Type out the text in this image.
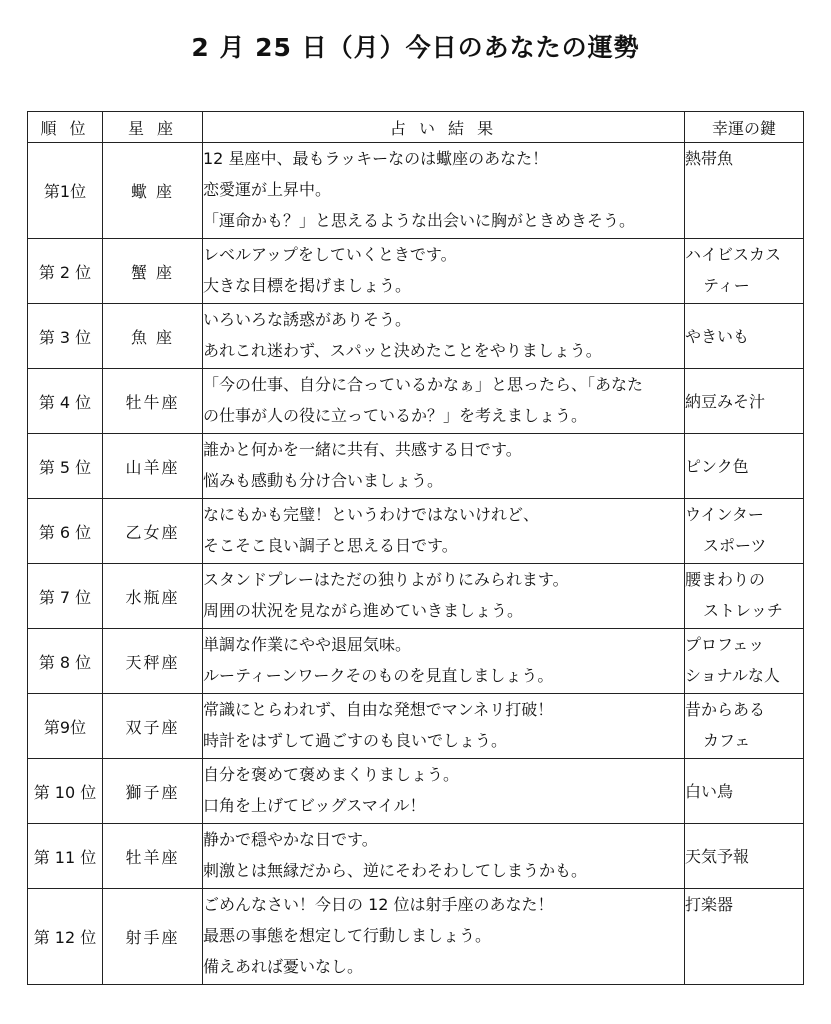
2 月 25 日（月）今日のあなたの運勢
順 位	星 座	占 い 結 果	幸運の鍵
第1位	蠍 座	12 星座中、最もラッキーなのは蠍座のあなた！
恋愛運が上昇中。
「運命かも？」と思えるような出会いに胸がときめきそう。	熱帯魚

第 2 位	蟹 座	レベルアップをしていくときです。
大きな目標を掲げましょう。	ハイビスカス
ティー

第 3 位	魚 座	いろいろな誘惑がありそう。
あれこれ迷わず、スパッと決めたことをやりましょう。	やきいも

第 4 位	牡牛座	「今の仕事、自分に合っているかなぁ」と思ったら、「あなた
の仕事が人の役に立っているか？」を考えましょう。	納豆みそ汁

第 5 位	山羊座	誰かと何かを一緒に共有、共感する日です。
悩みも感動も分け合いましょう。	ピンク色

第 6 位	乙女座	なにもかも完璧！というわけではないけれど、
そこそこ良い調子と思える日です。	ウインター
スポーツ

第 7 位	水瓶座	スタンドプレーはただの独りよがりにみられます。
周囲の状況を見ながら進めていきましょう。	腰まわりの
ストレッチ

第 8 位	天秤座	単調な作業にやや退屈気味。
ルーティーンワークそのものを見直しましょう。	プロフェッ
ショナルな人

第9位	双子座	常識にとらわれず、自由な発想でマンネリ打破！
時計をはずして過ごすのも良いでしょう。	昔からある
カフェ

第 10 位	獅子座	自分を褒めて褒めまくりましょう。
口角を上げてビッグスマイル！	白い鳥

第 11 位	牡羊座	静かで穏やかな日です。
刺激とは無縁だから、逆にそわそわしてしまうかも。	天気予報

第 12 位	射手座	ごめんなさい！今日の 12 位は射手座のあなた！
最悪の事態を想定して行動しましょう。
備えあれば憂いなし。	打楽器
